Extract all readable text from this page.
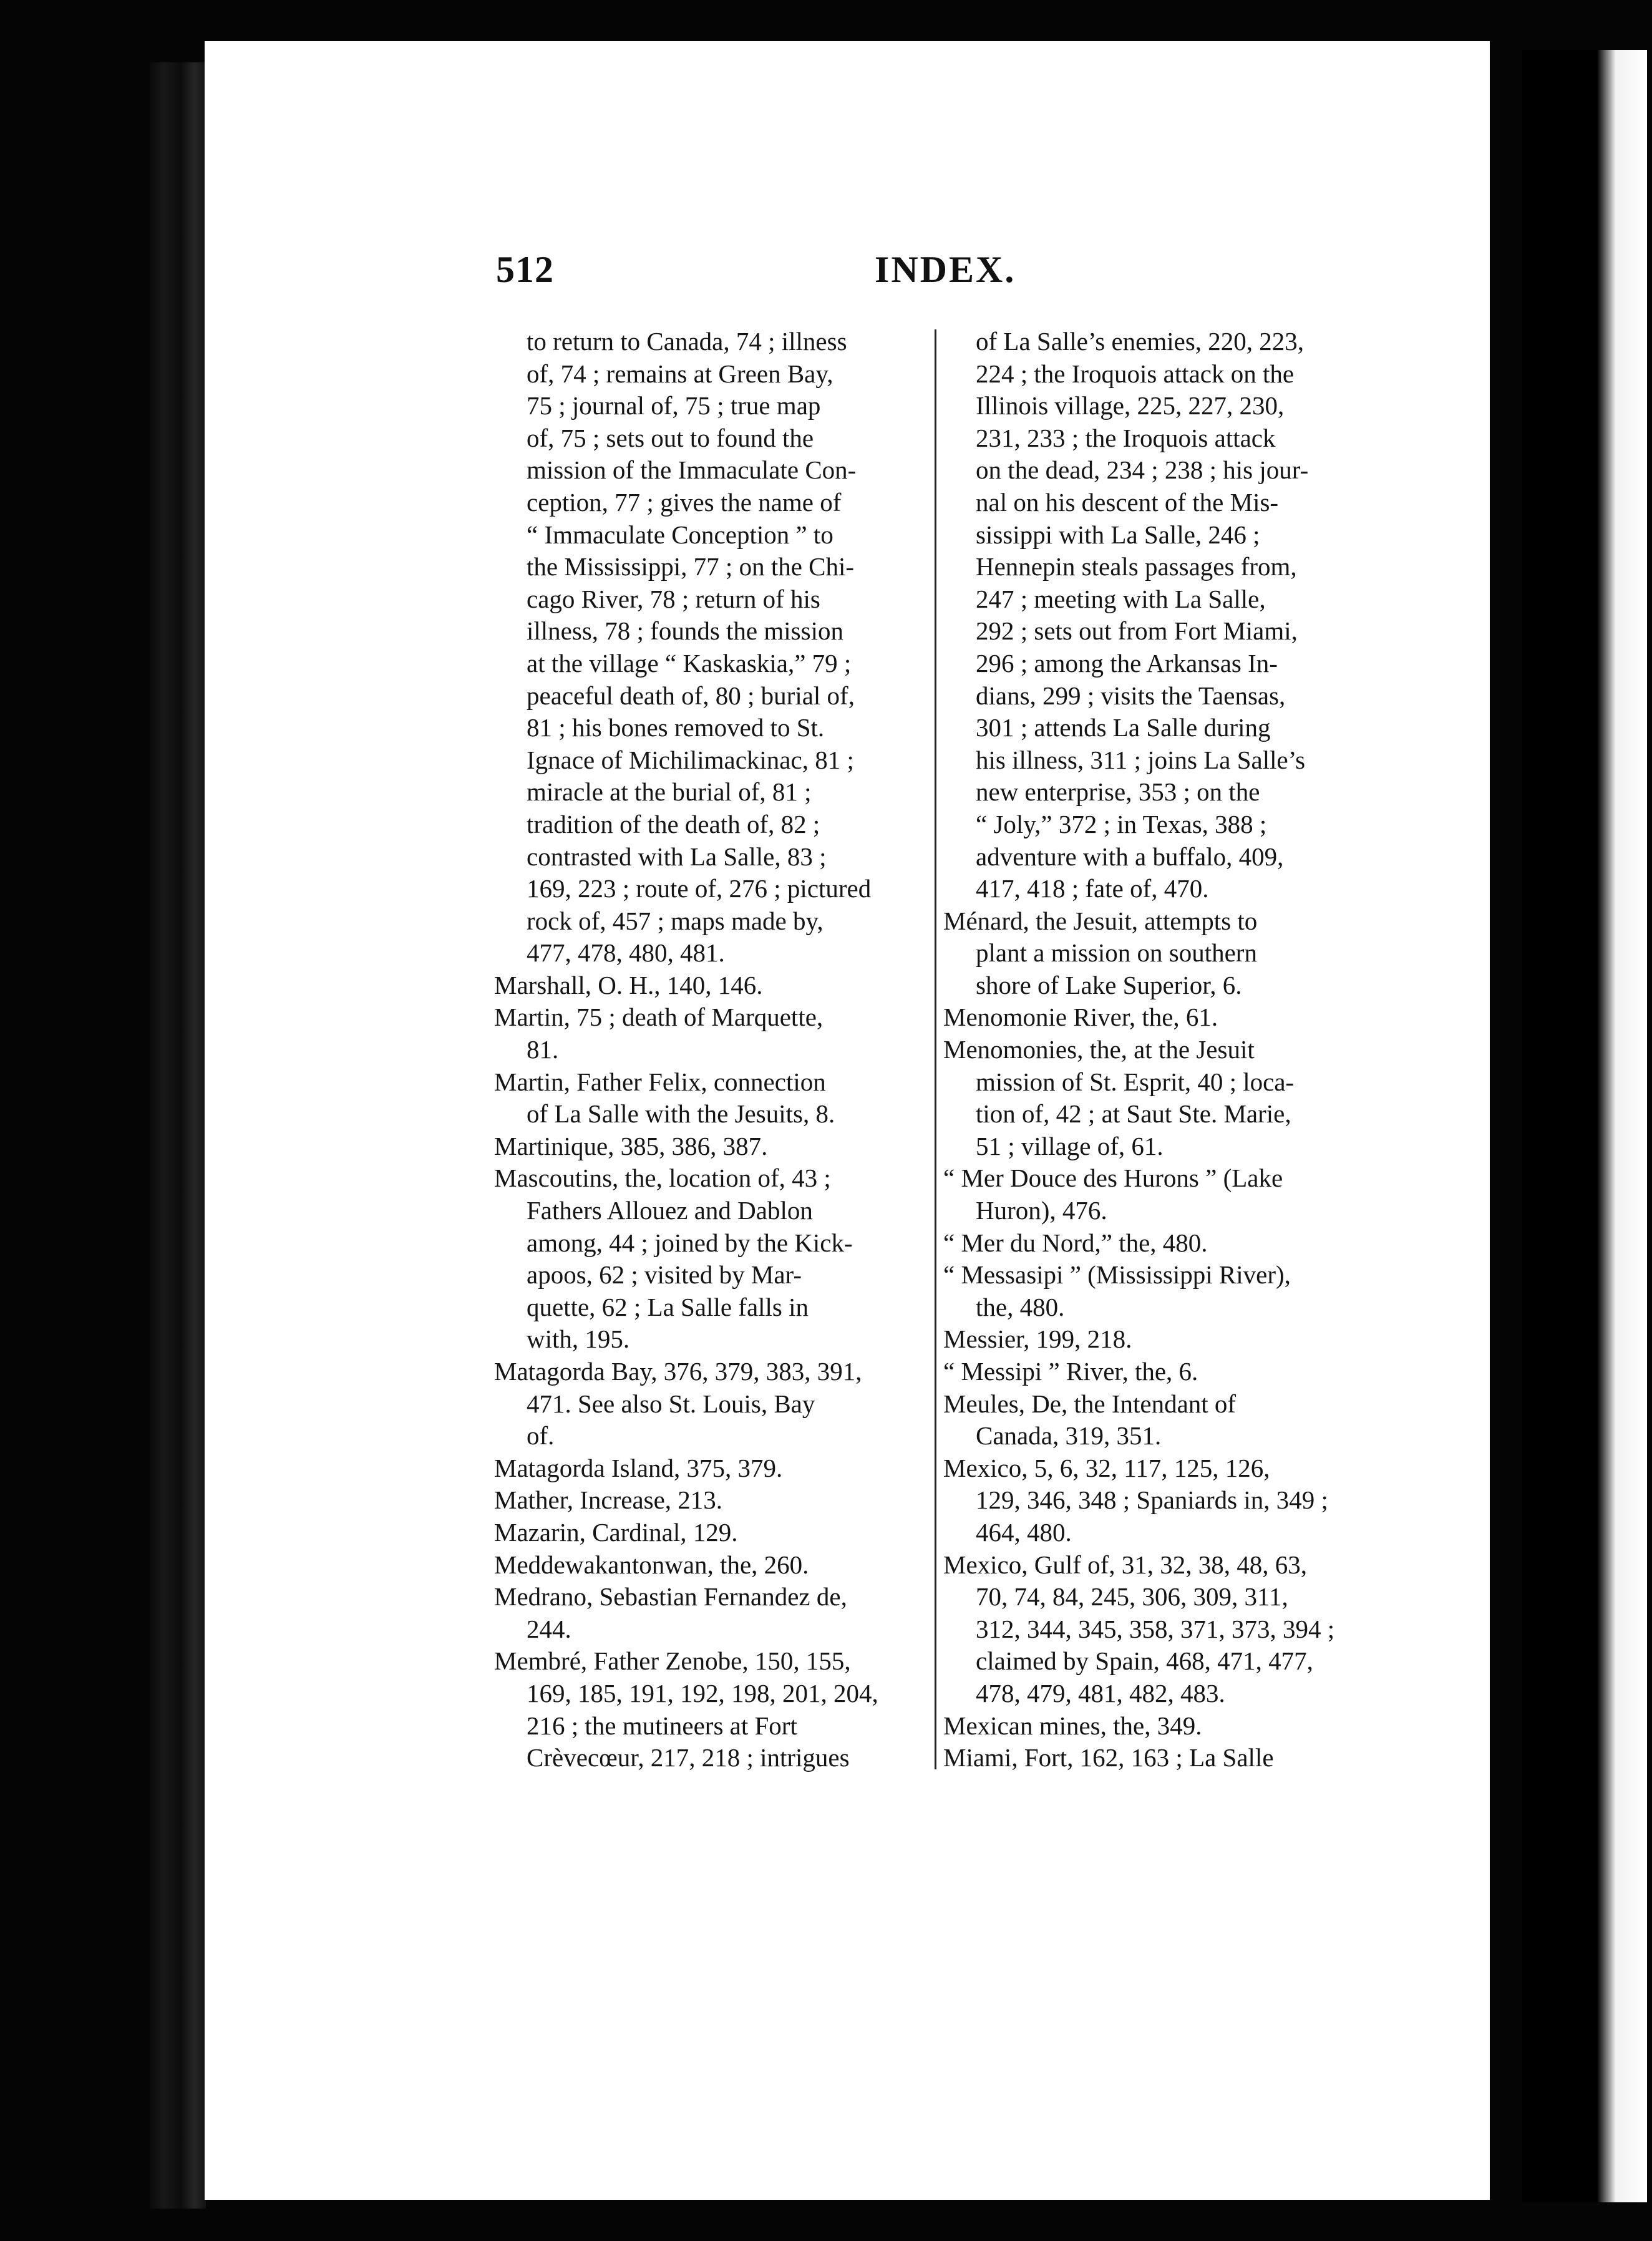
512	INDEX.
to return to Canada, 74 ; illness
of, 74 ; remains at Green Bay,
75 ; journal of, 75 ; true map
of, 75 ; sets out to found the
mission of the Immaculate Con-
ception, 77 ; gives the name of
“ Immaculate Conception ” to
the Mississippi, 77 ; on the Chi-
cago River, 78 ; return of his
illness, 78 ; founds the mission
at the village “ Kaskaskia,” 79 ;
peaceful death of, 80 ; burial of,
81 ; his bones removed to St.
Ignace of Michilimackinac, 81 ;
miracle at the burial of, 81 ;
tradition of the death of, 82 ;
contrasted with La Salle, 83 ;
169, 223 ; route of, 276 ; pictured
rock of, 457 ; maps made by,
477, 478, 480, 481.
Marshall, O. H., 140, 146.
Martin, 75 ; death of Marquette,
81.
Martin, Father Felix, connection
of La Salle with the Jesuits, 8.
Martinique, 385, 386, 387.
Mascoutins, the, location of, 43 ;
Fathers Allouez and Dablon
among, 44 ; joined by the Kick-
apoos, 62 ; visited by Mar-
quette, 62 ; La Salle falls in
with, 195.
Matagorda Bay, 376, 379, 383, 391,
471. See also St. Louis, Bay
of.
Matagorda Island, 375, 379.
Mather, Increase, 213.
Mazarin, Cardinal, 129.
Meddewakantonwan, the, 260.
Medrano, Sebastian Fernandez de,
244.
Membré, Father Zenobe, 150, 155,
169, 185, 191, 192, 198, 201, 204,
216 ; the mutineers at Fort
Crèvecœur, 217, 218 ; intrigues
of La Salle’s enemies, 220, 223,
224 ; the Iroquois attack on the
Illinois village, 225, 227, 230,
231, 233 ; the Iroquois attack
on the dead, 234 ; 238 ; his jour-
nal on his descent of the Mis-
sissippi with La Salle, 246 ;
Hennepin steals passages from,
247 ; meeting with La Salle,
292 ; sets out from Fort Miami,
296 ; among the Arkansas In-
dians, 299 ; visits the Taensas,
301 ; attends La Salle during
his illness, 311 ; joins La Salle’s
new enterprise, 353 ; on the
“ Joly,” 372 ; in Texas, 388 ;
adventure with a buffalo, 409,
417, 418 ; fate of, 470.
Ménard, the Jesuit, attempts to
plant a mission on southern
shore of Lake Superior, 6.
Menomonie River, the, 61.
Menomonies, the, at the Jesuit
mission of St. Esprit, 40 ; loca-
tion of, 42 ; at Saut Ste. Marie,
51 ; village of, 61.
“ Mer Douce des Hurons ” (Lake
Huron), 476.
“ Mer du Nord,” the, 480.
“ Messasipi ” (Mississippi River),
the, 480.
Messier, 199, 218.
“ Messipi ” River, the, 6.
Meules, De, the Intendant of
Canada, 319, 351.
Mexico, 5, 6, 32, 117, 125, 126,
129, 346, 348 ; Spaniards in, 349 ;
464, 480.
Mexico, Gulf of, 31, 32, 38, 48, 63,
70, 74, 84, 245, 306, 309, 311,
312, 344, 345, 358, 371, 373, 394 ;
claimed by Spain, 468, 471, 477,
478, 479, 481, 482, 483.
Mexican mines, the, 349.
Miami, Fort, 162, 163 ; La Salle
